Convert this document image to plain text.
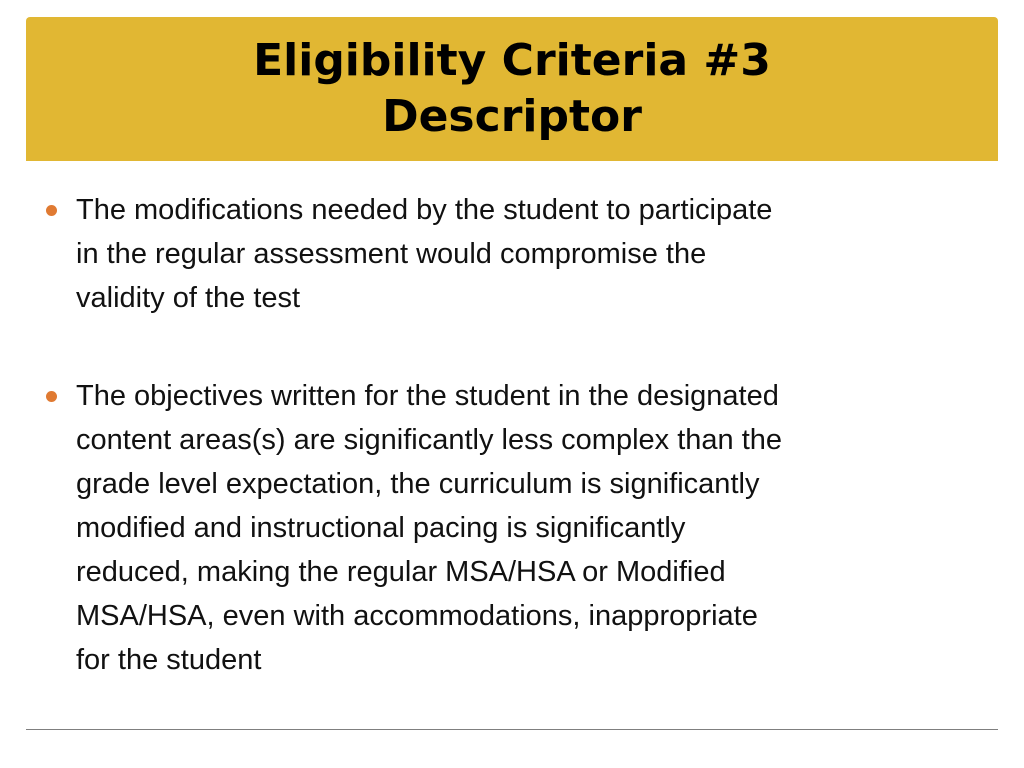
Eligibility Criteria #3
Descriptor
The modifications needed by the student to participate
in the regular assessment would compromise the
validity of the test
The objectives written for the student in the designated
content areas(s) are significantly less complex than the
grade level expectation, the curriculum is significantly
modified and instructional pacing is significantly
reduced, making the regular MSA/HSA or Modified
MSA/HSA, even with accommodations, inappropriate
for the student
